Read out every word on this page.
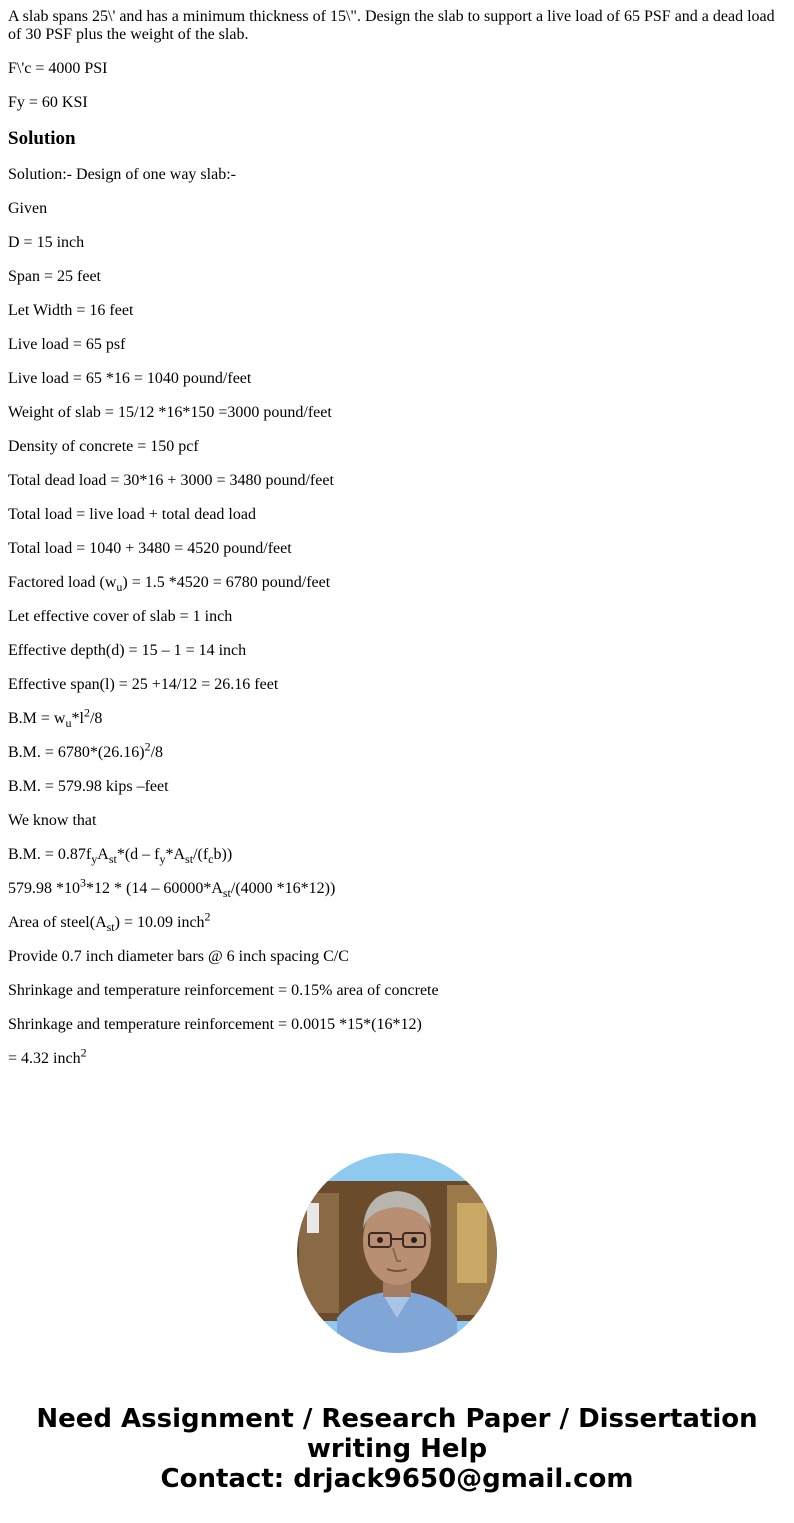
A slab spans 25\' and has a minimum thickness of 15\". Design the slab to support a live load of 65 PSF and a dead load of 30 PSF plus the weight of the slab.

F\'c = 4000 PSI

Fy = 60 KSI

Solution

Solution:- Design of one way slab:-

Given

D = 15 inch

Span = 25 feet

Let Width = 16 feet

Live load = 65 psf

Live load = 65 *16 = 1040 pound/feet

Weight of slab = 15/12 *16*150 =3000 pound/feet

Density of concrete = 150 pcf

Total dead load = 30*16 + 3000 = 3480 pound/feet

Total load = live load + total dead load

Total load = 1040 + 3480 = 4520 pound/feet

Factored load $(w_u) = 1.5$ *4520 = 6780 pound/feet

Let effective cover of slab = 1 inch

Effective depth(d) = 15 – 1 = 14 inch

Effective span(l) = 25 +14/12 = 26.16 feet

$B.M = w_u*l^2/8$

B.M. = $6780*(26.16)^2/8$

B.M. = 579.98 kips –feet

We know that

B.M. = $0.87f_yA_{st}*(d - f_y*A_{st}/(f_cb))$

579.98 $*10^3*12 * (14 - 60000*A_{st}/(4000$ *16*12))

Area of $steel(A_{st}) = 10.09$ inch$^2$

Provide 0.7 inch diameter bars @ 6 inch spacing C/C

Shrinkage and temperature reinforcement = 0.15% area of concrete

Shrinkage and temperature reinforcement = 0.0015 *15*(16*12)

= 4.32 inch$^2$

Need Assignment / Research Paper / Dissertation
writing Help
Contact: drjack9650@gmail.com
